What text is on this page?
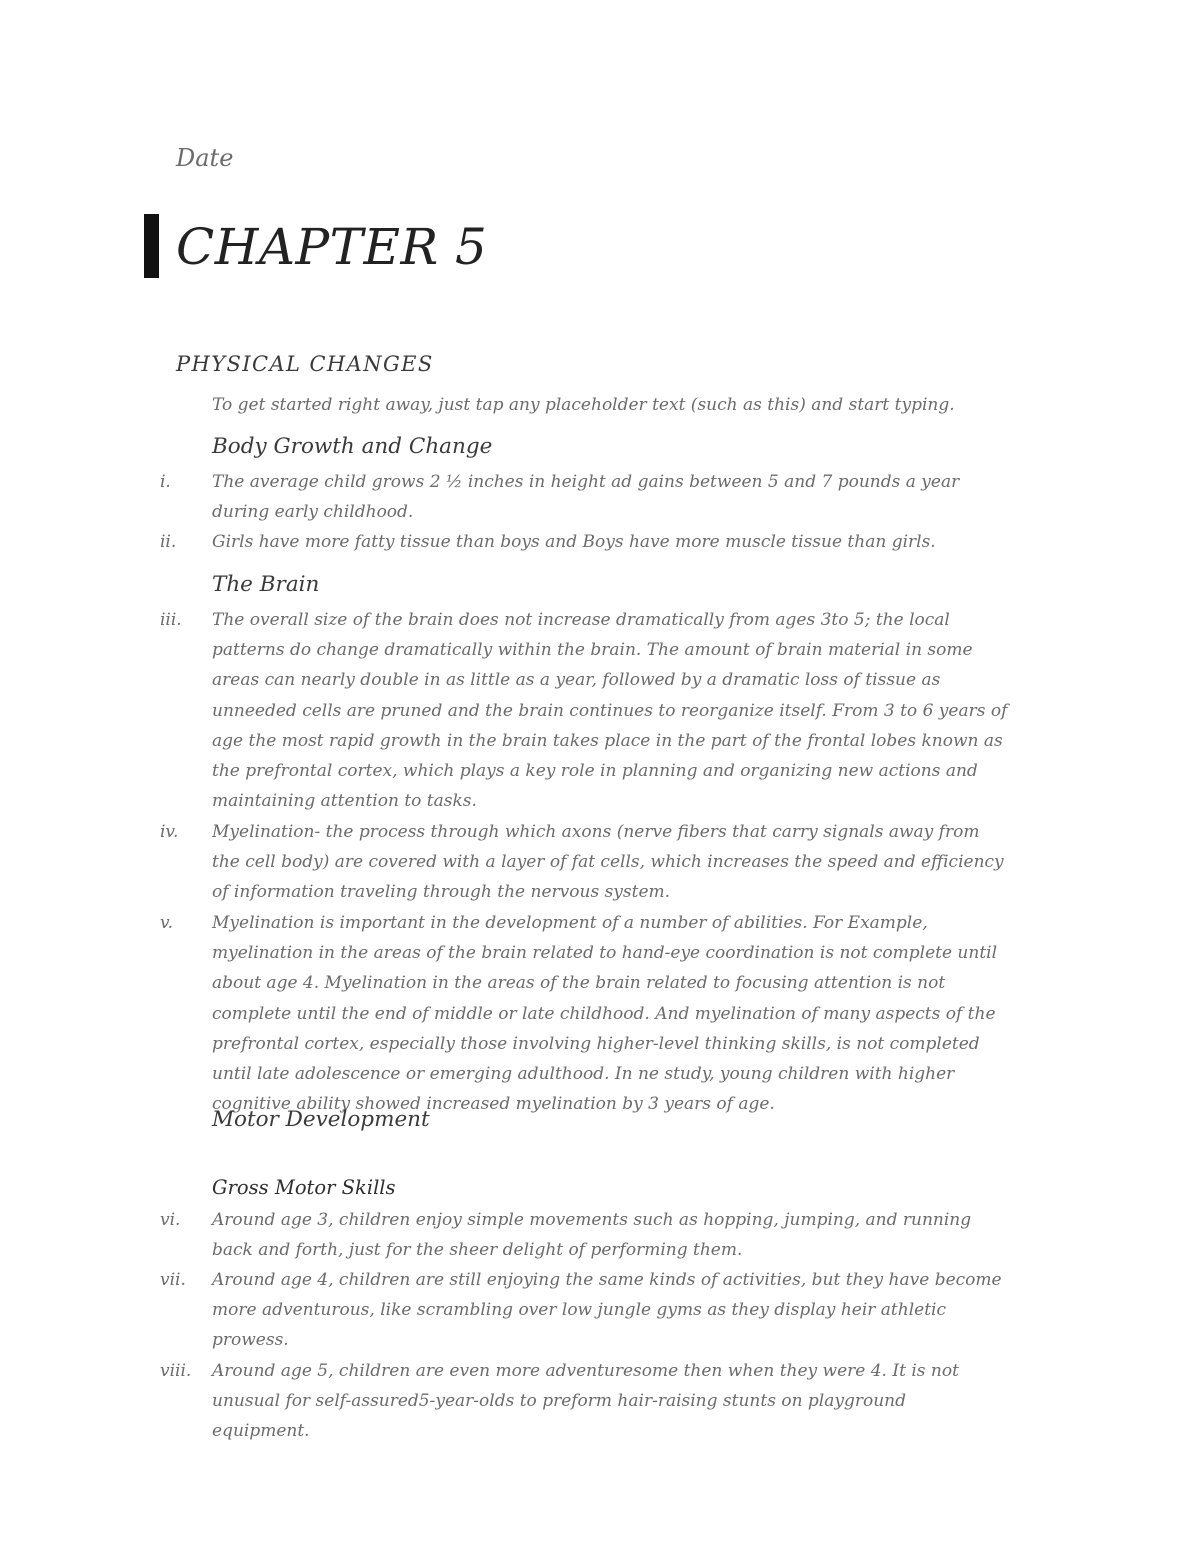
Date
CHAPTER 5
PHYSICAL CHANGES
To get started right away, just tap any placeholder text (such as this) and start typing.
Body Growth and Change
i.	The average child grows 2 ½ inches in height ad gains between 5 and 7 pounds a year
during early childhood.
ii.	Girls have more fatty tissue than boys and Boys have more muscle tissue than girls.
The Brain
iii.	The overall size of the brain does not increase dramatically from ages 3to 5; the local
patterns do change dramatically within the brain. The amount of brain material in some
areas can nearly double in as little as a year, followed by a dramatic loss of tissue as
unneeded cells are pruned and the brain continues to reorganize itself. From 3 to 6 years of
age the most rapid growth in the brain takes place in the part of the frontal lobes known as
the prefrontal cortex, which plays a key role in planning and organizing new actions and
maintaining attention to tasks.
iv.	Myelination- the process through which axons (nerve fibers that carry signals away from
the cell body) are covered with a layer of fat cells, which increases the speed and efficiency
of information traveling through the nervous system.
v.	Myelination is important in the development of a number of abilities. For Example,
myelination in the areas of the brain related to hand-eye coordination is not complete until
about age 4. Myelination in the areas of the brain related to focusing attention is not
complete until the end of middle or late childhood. And myelination of many aspects of the
prefrontal cortex, especially those involving higher-level thinking skills, is not completed
until late adolescence or emerging adulthood. In ne study, young children with higher
cognitive ability showed increased myelination by 3 years of age.
Motor Development
Gross Motor Skills
vi.	Around age 3, children enjoy simple movements such as hopping, jumping, and running
back and forth, just for the sheer delight of performing them.
vii.	Around age 4, children are still enjoying the same kinds of activities, but they have become
more adventurous, like scrambling over low jungle gyms as they display heir athletic
prowess.
viii.	Around age 5, children are even more adventuresome then when they were 4. It is not
unusual for self-assured5-year-olds to preform hair-raising stunts on playground
equipment.
